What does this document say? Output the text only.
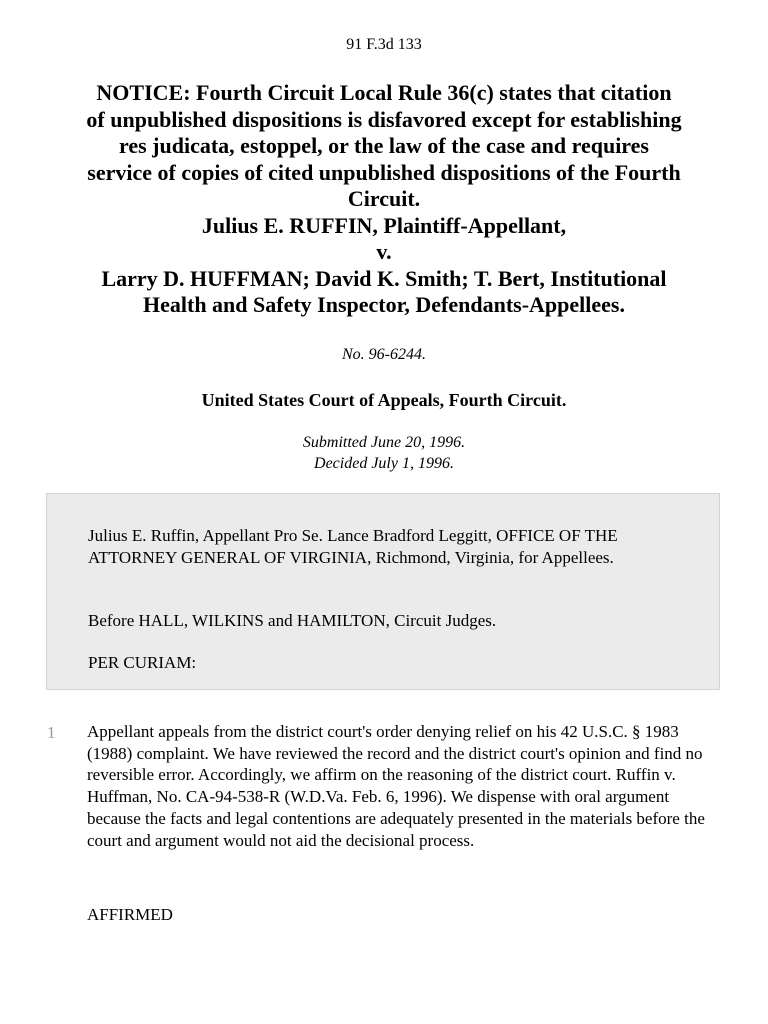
91 F.3d 133
NOTICE: Fourth Circuit Local Rule 36(c) states that citation
of unpublished dispositions is disfavored except for establishing
res judicata, estoppel, or the law of the case and requires
service of copies of cited unpublished dispositions of the Fourth
Circuit.
Julius E. RUFFIN, Plaintiff-Appellant,
v.
Larry D. HUFFMAN; David K. Smith; T. Bert, Institutional
Health and Safety Inspector, Defendants-Appellees.
No. 96-6244.
United States Court of Appeals, Fourth Circuit.
Submitted June 20, 1996.
Decided July 1, 1996.

Julius E. Ruffin, Appellant Pro Se. Lance Bradford Leggitt, OFFICE OF THE ATTORNEY GENERAL OF VIRGINIA, Richmond, Virginia, for Appellees.

Before HALL, WILKINS and HAMILTON, Circuit Judges.

PER CURIAM:

1 Appellant appeals from the district court's order denying relief on his 42 U.S.C. § 1983 (1988) complaint. We have reviewed the record and the district court's opinion and find no reversible error. Accordingly, we affirm on the reasoning of the district court. Ruffin v. Huffman, No. CA-94-538-R (W.D.Va. Feb. 6, 1996). We dispense with oral argument because the facts and legal contentions are adequately presented in the materials before the court and argument would not aid the decisional process.

AFFIRMED
